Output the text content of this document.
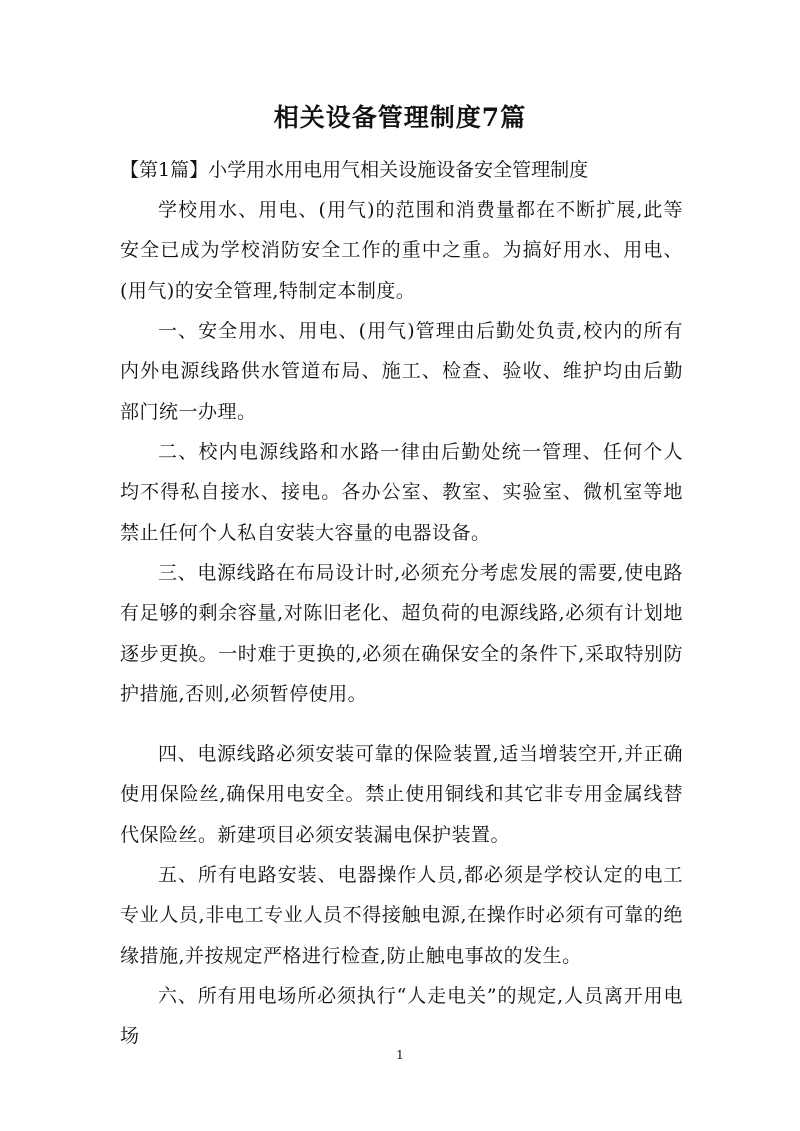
相关设备管理制度7篇
【第1篇】小学用水用电用气相关设施设备安全管理制度
学校用水、用电、(用气)的范围和消费量都在不断扩展,此等安全已成为学校消防安全工作的重中之重。为搞好用水、用电、(用气)的安全管理,特制定本制度。
一、安全用水、用电、(用气)管理由后勤处负责,校内的所有内外电源线路供水管道布局、施工、检查、验收、维护均由后勤部门统一办理。
二、校内电源线路和水路一律由后勤处统一管理、任何个人均不得私自接水、接电。各办公室、教室、实验室、微机室等地禁止任何个人私自安装大容量的电器设备。
三、电源线路在布局设计时,必须充分考虑发展的需要,使电路有足够的剩余容量,对陈旧老化、超负荷的电源线路,必须有计划地逐步更换。一时难于更换的,必须在确保安全的条件下,采取特别防护措施,否则,必须暂停使用。
四、电源线路必须安装可靠的保险装置,适当增装空开,并正确使用保险丝,确保用电安全。禁止使用铜线和其它非专用金属线替代保险丝。新建项目必须安装漏电保护装置。
五、所有电路安装、电器操作人员,都必须是学校认定的电工专业人员,非电工专业人员不得接触电源,在操作时必须有可靠的绝缘措施,并按规定严格进行检查,防止触电事故的发生。
六、所有用电场所必须执行“人走电关”的规定,人员离开用电场
1
